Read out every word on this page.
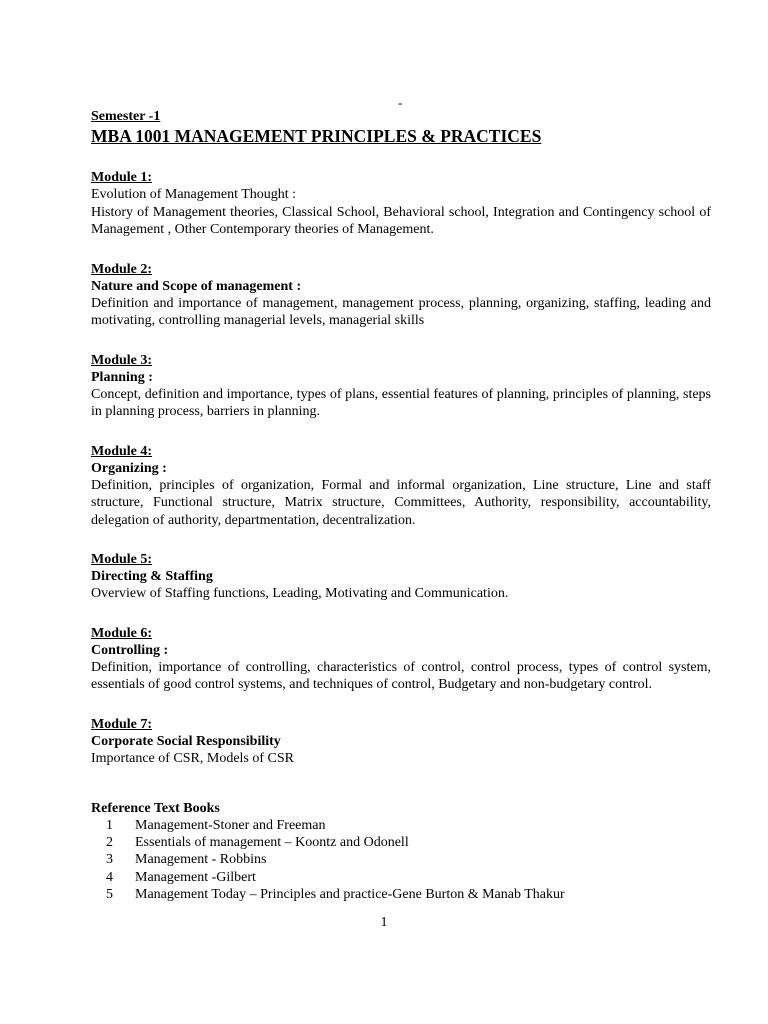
-
Semester -1
MBA 1001 MANAGEMENT PRINCIPLES & PRACTICES
Module 1:
Evolution of Management Thought :
History of Management theories, Classical School, Behavioral school, Integration and Contingency school of Management , Other Contemporary theories of Management.
Module 2:
Nature and Scope of management :
Definition and importance of management, management process, planning, organizing, staffing, leading and motivating, controlling managerial levels, managerial skills
Module 3:
Planning :
Concept, definition and importance, types of plans, essential features of planning, principles of planning, steps in planning process, barriers in planning.
Module 4:
Organizing :
Definition, principles of organization, Formal and informal organization, Line structure, Line and staff structure, Functional structure, Matrix structure, Committees, Authority, responsibility, accountability, delegation of authority, departmentation, decentralization.
Module 5:
Directing & Staffing
Overview of Staffing functions, Leading, Motivating and Communication.
Module 6:
Controlling :
Definition, importance of controlling, characteristics of control, control process, types of control system, essentials of good control systems, and techniques of control, Budgetary and non-budgetary control.
Module 7:
Corporate Social Responsibility
Importance of CSR, Models of CSR
Reference Text Books
1 Management-Stoner and Freeman
2 Essentials of management – Koontz and Odonell
3 Management - Robbins
4 Management -Gilbert
5 Management Today – Principles and practice-Gene Burton & Manab Thakur
1
